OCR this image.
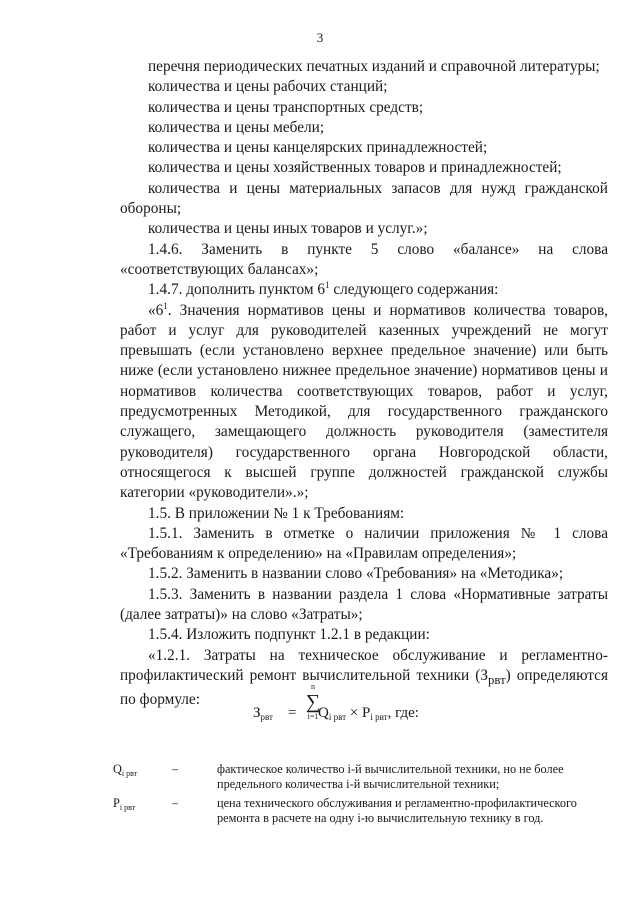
3

перечня периодических печатных изданий и справочной литературы;

количества и цены рабочих станций;

количества и цены транспортных средств;

количества и цены мебели;

количества и цены канцелярских принадлежностей;

количества и цены хозяйственных товаров и принадлежностей;

количества и цены материальных запасов для нужд гражданской обороны;

количества и цены иных товаров и услуг.»;

1.4.6. Заменить в пункте 5 слово «балансе» на слова «соответствующих балансах»;

1.4.7. дополнить пунктом $6^1$ следующего содержания:

«$6^1$. Значения нормативов цены и нормативов количества товаров, работ и услуг для руководителей казенных учреждений не могут превышать (если установлено верхнее предельное значение) или быть ниже (если установлено нижнее предельное значение) нормативов цены и нормативов количества соответствующих товаров, работ и услуг, предусмотренных Методикой, для государственного гражданского служащего, замещающего должность руководителя (заместителя руководителя) государственного органа Новгородской области, относящегося к высшей группе должностей гражданской службы категории «руководители».»;

1.5. В приложении № 1 к Требованиям:

1.5.1. Заменить в отметке о наличии приложения № 1 слова «Требованиям к определению» на «Правилам определения»;

1.5.2. Заменить в названии слово «Требования» на «Методика»;

1.5.3. Заменить в названии раздела 1 слова «Нормативные затраты (далее затраты)» на слово «Затраты»;

1.5.4. Изложить подпункт 1.2.1 в редакции:

«1.2.1. Затраты на техническое обслуживание и регламентно-профилактический ремонт вычислительной техники $(З_{рвт})$ определяются по формуле:

$З_{рвт}$ =
n
∑
i=1 $Q_{i рвт} \times P_{i рвт}$, где:
$Q_{i рвт}$	–	фактическое количество i-й вычислительной техники, но не более предельного количества i-й вычислительной техники;
$P_{i рвт}$	–	цена технического обслуживания и регламентно-профилактического ремонта в расчете на одну i-ю вычислительную технику в год.
